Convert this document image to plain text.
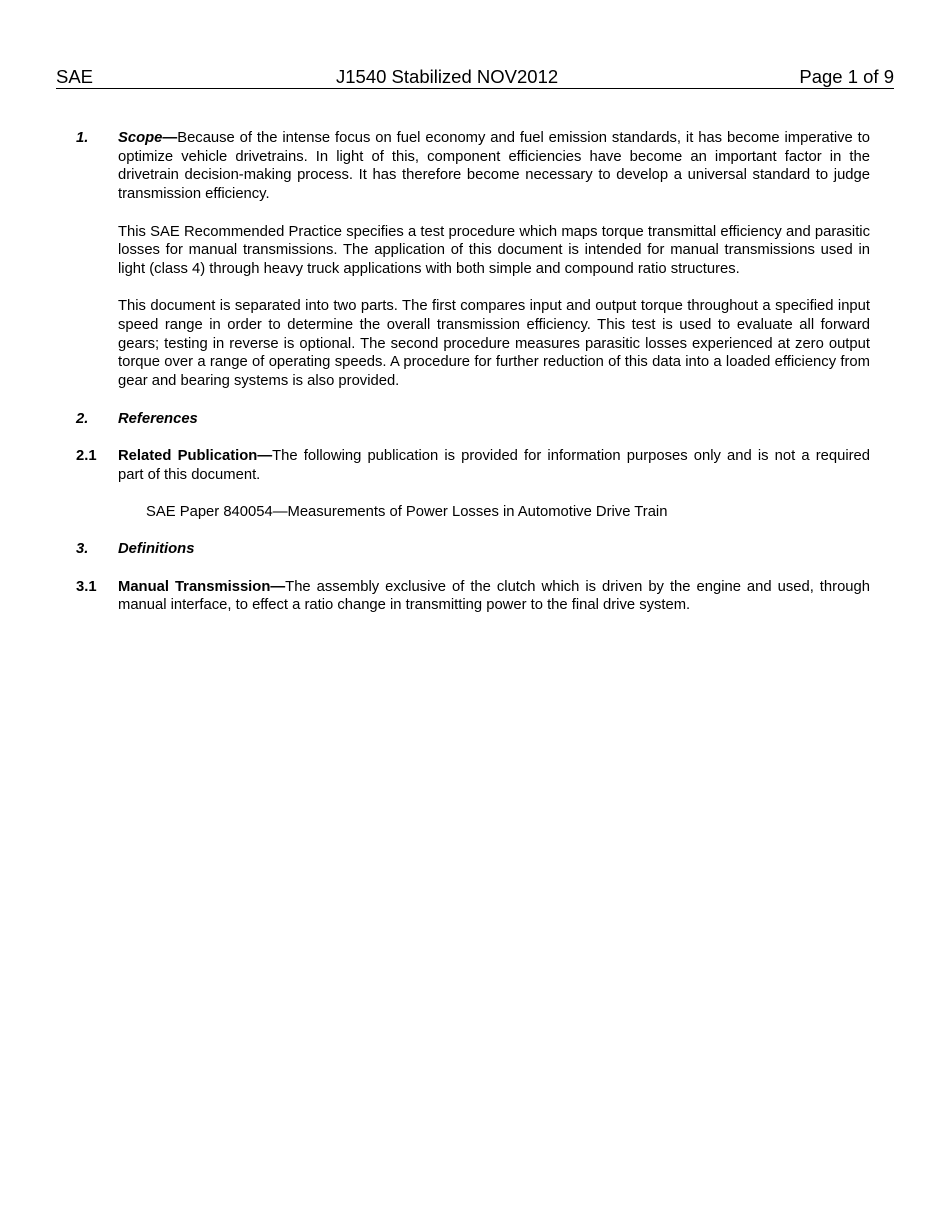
SAE	J1540 Stabilized NOV2012	Page 1 of 9
1.	Scope—Because of the intense focus on fuel economy and fuel emission standards, it has become imperative to optimize vehicle drivetrains. In light of this, component efficiencies have become an important factor in the drivetrain decision-making process. It has therefore become necessary to develop a universal standard to judge transmission efficiency.
This SAE Recommended Practice specifies a test procedure which maps torque transmittal efficiency and parasitic losses for manual transmissions. The application of this document is intended for manual transmissions used in light (class 4) through heavy truck applications with both simple and compound ratio structures.
This document is separated into two parts. The first compares input and output torque throughout a specified input speed range in order to determine the overall transmission efficiency. This test is used to evaluate all forward gears; testing in reverse is optional. The second procedure measures parasitic losses experienced at zero output torque over a range of operating speeds. A procedure for further reduction of this data into a loaded efficiency from gear and bearing systems is also provided.
2.	References
2.1	Related Publication—The following publication is provided for information purposes only and is not a required part of this document.
SAE Paper 840054—Measurements of Power Losses in Automotive Drive Train
3.	Definitions
3.1	Manual Transmission—The assembly exclusive of the clutch which is driven by the engine and used, through manual interface, to effect a ratio change in transmitting power to the final drive system.
